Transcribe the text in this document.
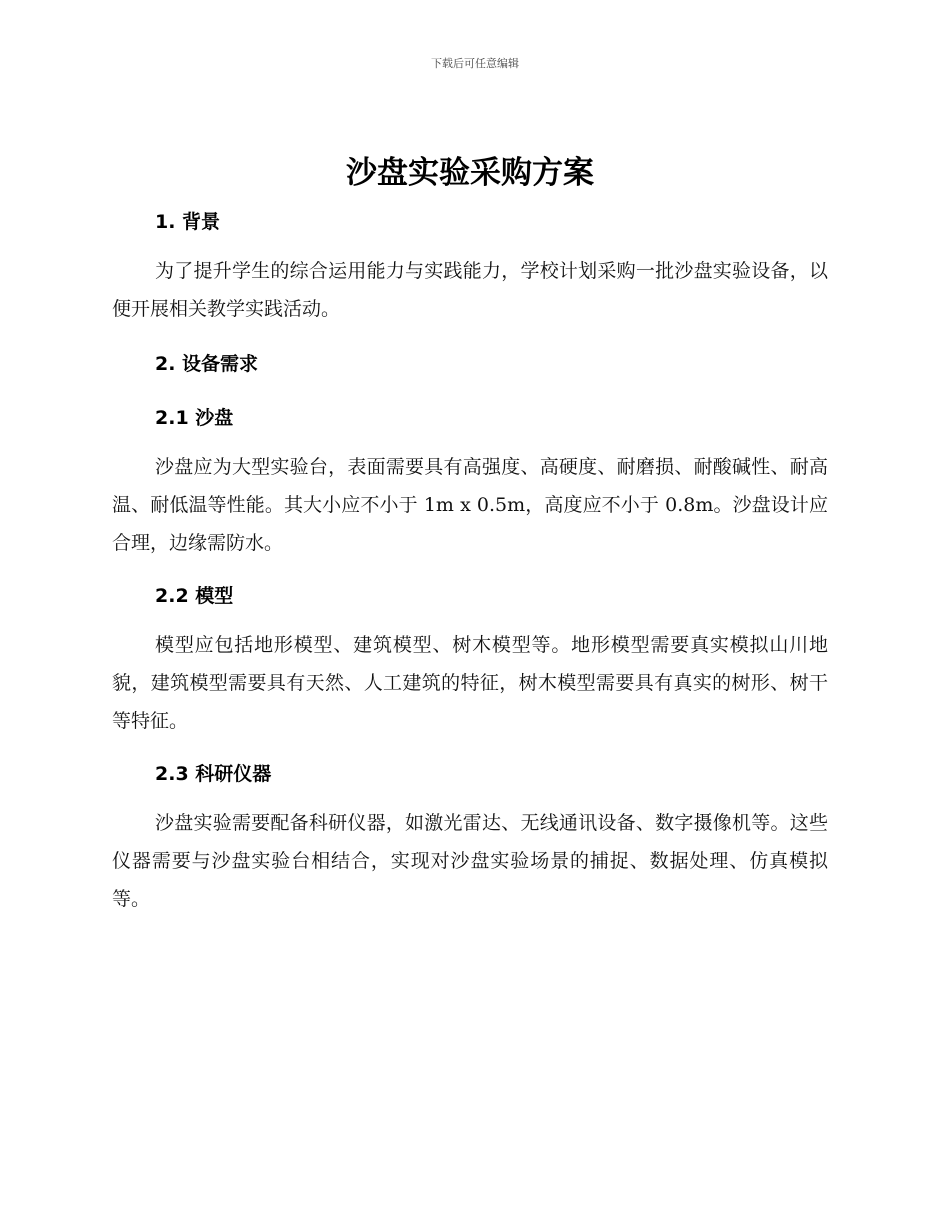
下载后可任意编辑
沙盘实验采购方案
1. 背景

为了提升学生的综合运用能力与实践能力，学校计划采购一批沙盘实验设备，以便开展相关教学实践活动。

2. 设备需求
2.1 沙盘

沙盘应为大型实验台，表面需要具有高强度、高硬度、耐磨损、耐酸碱性、耐高温、耐低温等性能。其大小应不小于 1m x 0.5m，高度应不小于 0.8m。沙盘设计应合理，边缘需防水。

2.2 模型

模型应包括地形模型、建筑模型、树木模型等。地形模型需要真实模拟山川地貌，建筑模型需要具有天然、人工建筑的特征，树木模型需要具有真实的树形、树干等特征。

2.3 科研仪器

沙盘实验需要配备科研仪器，如激光雷达、无线通讯设备、数字摄像机等。这些仪器需要与沙盘实验台相结合，实现对沙盘实验场景的捕捉、数据处理、仿真模拟等。
